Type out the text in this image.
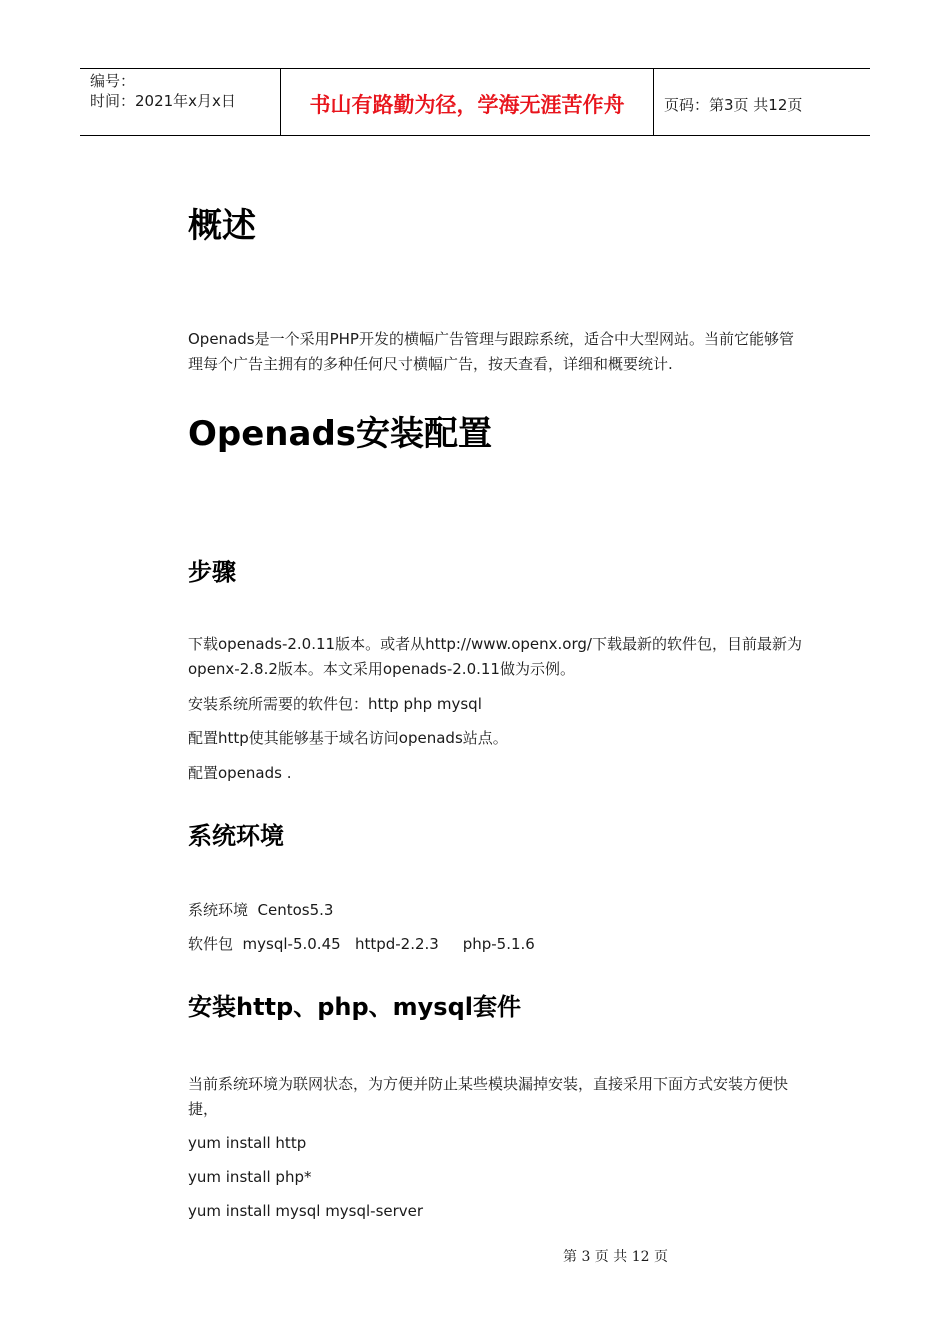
编号：
时间：2021年x月x日	书山有路勤为径，学海无涯苦作舟	页码：第3页 共12页
概述

Openads是一个采用PHP开发的横幅广告管理与跟踪系统，适合中大型网站。当前它能够管理每个广告主拥有的多种任何尺寸横幅广告，按天查看，详细和概要统计.

Openads安装配置
步骤

下载openads-2.0.11版本。或者从http://www.openx.org/下载最新的软件包，目前最新为openx-2.8.2版本。本文采用openads-2.0.11做为示例。

安装系统所需要的软件包：http php mysql

配置http使其能够基于域名访问openads站点。

配置openads .

系统环境

系统环境  Centos5.3

软件包  mysql-5.0.45   httpd-2.2.3     php-5.1.6

安装http、php、mysql套件

当前系统环境为联网状态，为方便并防止某些模块漏掉安装，直接采用下面方式安装方便快捷，

yum install http

yum install php*

yum install mysql mysql-server

第 3 页 共 12 页
